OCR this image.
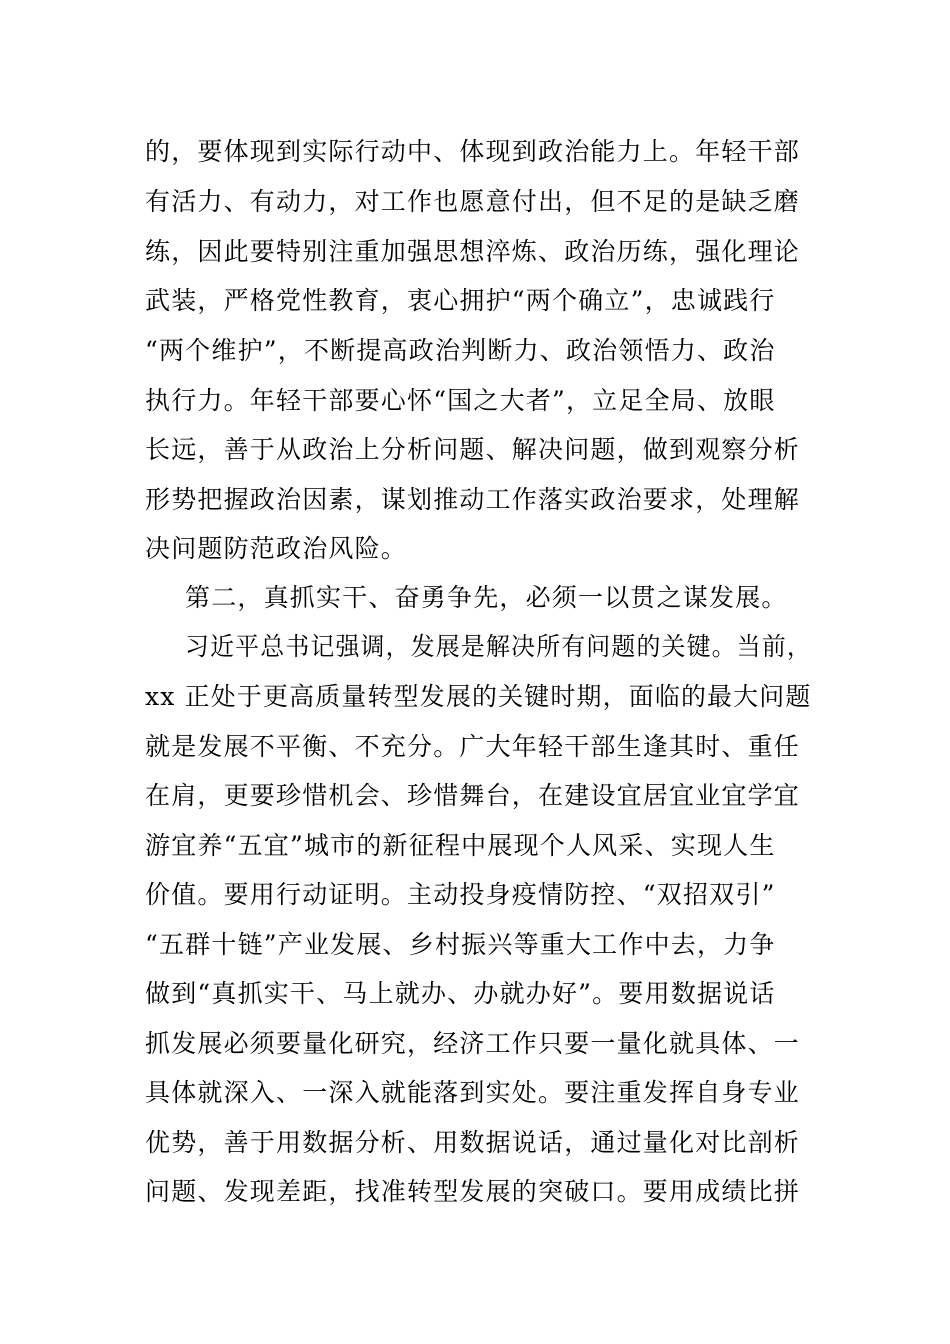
的，要体现到实际行动中、体现到政治能力上。年轻干部
有活力、有动力，对工作也愿意付出，但不足的是缺乏磨
练，因此要特别注重加强思想淬炼、政治历练，强化理论
武装，严格党性教育，衷心拥护“两个确立”，忠诚践行
“两个维护”，不断提高政治判断力、政治领悟力、政治
执行力。年轻干部要心怀“国之大者”，立足全局、放眼
长远，善于从政治上分析问题、解决问题，做到观察分析
形势把握政治因素，谋划推动工作落实政治要求，处理解
决问题防范政治风险。
第二，真抓实干、奋勇争先，必须一以贯之谋发展。
习近平总书记强调，发展是解决所有问题的关键。当前，
xx 正处于更高质量转型发展的关键时期，面临的最大问题
就是发展不平衡、不充分。广大年轻干部生逢其时、重任
在肩，更要珍惜机会、珍惜舞台，在建设宜居宜业宜学宜
游宜养“五宜”城市的新征程中展现个人风采、实现人生
价值。要用行动证明。主动投身疫情防控、“双招双引”
“五群十链”产业发展、乡村振兴等重大工作中去，力争
做到“真抓实干、马上就办、办就办好”。要用数据说话
抓发展必须要量化研究，经济工作只要一量化就具体、一
具体就深入、一深入就能落到实处。要注重发挥自身专业
优势，善于用数据分析、用数据说话，通过量化对比剖析
问题、发现差距，找准转型发展的突破口。要用成绩比拼
